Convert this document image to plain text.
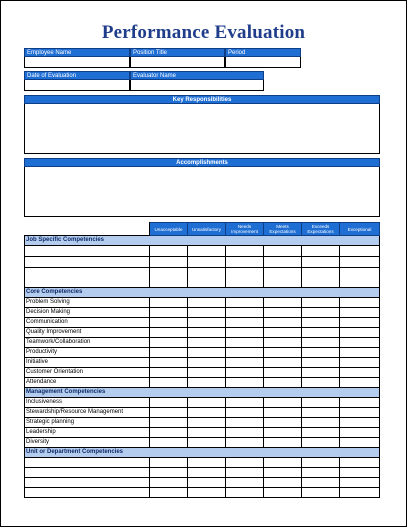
Performance Evaluation
Employee Name	Position Title	Period
Date of Evaluation	Evaluator Name
Key Responsibilities
Accomplishments
	Unacceptable	Unsatisfactory	Needs Improvement	Meets Expectations	Exceeds Expectations	Exceptional
Job Specific Competencies						

Core Competencies						
Problem Solving						
Decision Making						
Communication						
Quality Improvement						
Teamwork/Collaboration						
Productivity						
Initiative						
Customer Orientation						
Attendance						
Management Competencies						
Inclusiveness						
Stewardship/Resource Management						
Strategic planning						
Leadership						
Diversity						
Unit or Department Competencies						
